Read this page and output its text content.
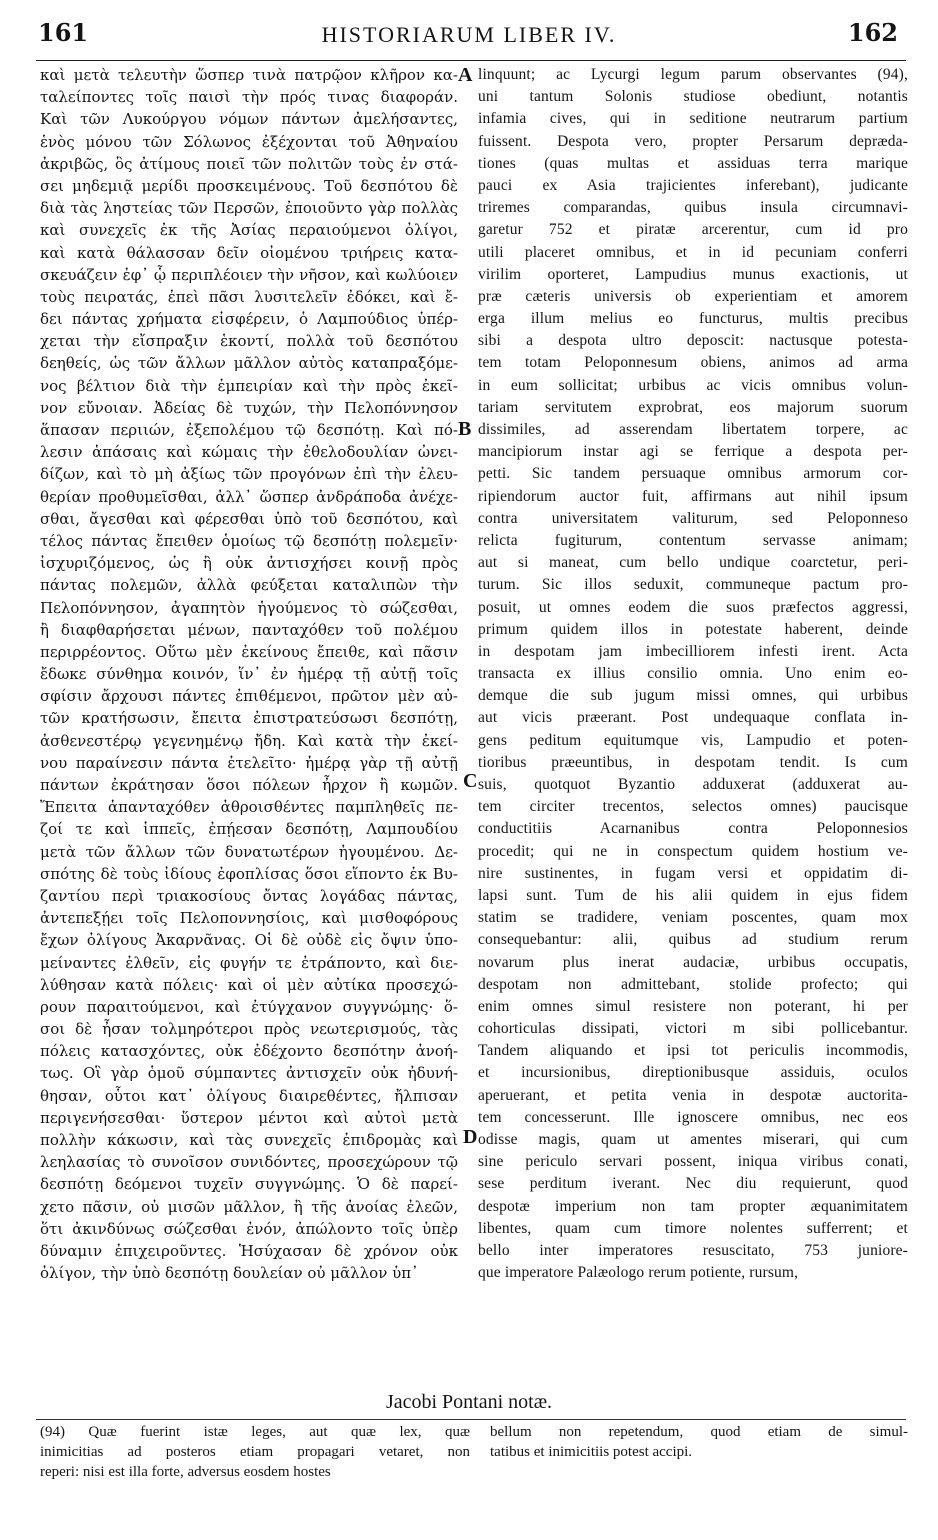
161	HISTORIARUM LIBER IV.	162
καὶ μετὰ τελευτὴν ὥσπερ τινὰ πατρῷον κλῆρον κα-
ταλείποντες τοῖς παισὶ τὴν πρός τινας διαφοράν.
Καὶ τῶν Λυκούργου νόμων πάντων ἀμελήσαντες,
ἑνὸς μόνου τῶν Σόλωνος ἐξέχονται τοῦ Ἀθηναίου
ἀκριβῶς, ὃς ἀτίμους ποιεῖ τῶν πολιτῶν τοὺς ἐν στά-
σει μηδεμιᾷ μερίδι προσκειμένους. Τοῦ δεσπότου δὲ
διὰ τὰς ληστείας τῶν Περσῶν, ἐποιοῦντο γὰρ πολλὰς
καὶ συνεχεῖς ἐκ τῆς Ἀσίας περαιούμενοι ὀλίγοι,
καὶ κατὰ θάλασσαν δεῖν οἰομένου τριήρεις κατα-
σκευάζειν ἐφ᾽ ᾧ περιπλέοιεν τὴν νῆσον, καὶ κωλύοιεν
τοὺς πειρατάς, ἐπεὶ πᾶσι λυσιτελεῖν ἐδόκει, καὶ ἔ-
δει πάντας χρήματα εἰσφέρειν, ὁ Λαμπούδιος ὑπέρ-
χεται τὴν εἴσπραξιν ἑκοντί, πολλὰ τοῦ δεσπότου
δεηθείς, ὡς τῶν ἄλλων μᾶλλον αὐτὸς καταπραξόμε-
νος βέλτιον διὰ τὴν ἐμπειρίαν καὶ τὴν πρὸς ἐκεῖ-
νον εὔνοιαν. Ἀδείας δὲ τυχών, τὴν Πελοπόννησον
ἅπασαν περιιών, ἐξεπολέμου τῷ δεσπότῃ. Καὶ πό-
λεσιν ἁπάσαις καὶ κώμαις τὴν ἐθελοδουλίαν ὠνει-
δίζων, καὶ τὸ μὴ ἀξίως τῶν προγόνων ἐπὶ τὴν ἐλευ-
θερίαν προθυμεῖσθαι, ἀλλ᾽ ὥσπερ ἀνδράποδα ἀνέχε-
σθαι, ἄγεσθαι καὶ φέρεσθαι ὑπὸ τοῦ δεσπότου, καὶ
τέλος πάντας ἔπειθεν ὁμοίως τῷ δεσπότῃ πολεμεῖν·
ἰσχυριζόμενος, ὡς ἢ οὐκ ἀντισχήσει κοινῇ πρὸς
πάντας πολεμῶν, ἀλλὰ φεύξεται καταλιπὼν τὴν
Πελοπόννησον, ἀγαπητὸν ἡγούμενος τὸ σώζεσθαι,
ἢ διαφθαρήσεται μένων, πανταχόθεν τοῦ πολέμου
περιρρέοντος. Οὕτω μὲν ἐκείνους ἔπειθε, καὶ πᾶσιν
ἔδωκε σύνθημα κοινόν, ἵν᾽ ἐν ἡμέρᾳ τῇ αὐτῇ τοῖς
σφίσιν ἄρχουσι πάντες ἐπιθέμενοι, πρῶτον μὲν αὐ-
τῶν κρατήσωσιν, ἔπειτα ἐπιστρατεύσωσι δεσπότῃ,
ἀσθενεστέρῳ γεγενημένῳ ἤδη. Καὶ κατὰ τὴν ἐκεί-
νου παραίνεσιν πάντα ἐτελεῖτο· ἡμέρᾳ γὰρ τῇ αὐτῇ
πάντων ἐκράτησαν ὅσοι πόλεων ἦρχον ἢ κωμῶν.
Ἔπειτα ἁπανταχόθεν ἀθροισθέντες παμπληθεῖς πε-
ζοί τε καὶ ἱππεῖς, ἐπῄεσαν δεσπότῃ, Λαμπουδίου
μετὰ τῶν ἄλλων τῶν δυνατωτέρων ἡγουμένου. Δε-
σπότης δὲ τοὺς ἰδίους ἐφοπλίσας ὅσοι εἵποντο ἐκ Βυ-
ζαντίου περὶ τριακοσίους ὄντας λογάδας πάντας,
ἀντεπεξῄει τοῖς Πελοποννησίοις, καὶ μισθοφόρους
ἔχων ὀλίγους Ἀκαρνᾶνας. Οἱ δὲ οὐδὲ εἰς ὄψιν ὑπο-
μείναντες ἐλθεῖν, εἰς φυγήν τε ἐτράποντο, καὶ διε-
λύθησαν κατὰ πόλεις· καὶ οἱ μὲν αὐτίκα προσεχώ-
ρουν παραιτούμενοι, καὶ ἐτύγχανον συγγνώμης· ὅ-
σοι δὲ ἦσαν τολμηρότεροι πρὸς νεωτερισμούς, τὰς
πόλεις κατασχόντες, οὐκ ἐδέχοντο δεσπότην ἀνοή-
τως. Οἳ γὰρ ὁμοῦ σύμπαντες ἀντισχεῖν οὐκ ἠδυνή-
θησαν, οὗτοι κατ᾽ ὀλίγους διαιρεθέντες, ἤλπισαν
περιγενήσεσθαι· ὕστερον μέντοι καὶ αὐτοὶ μετὰ
πολλὴν κάκωσιν, καὶ τὰς συνεχεῖς ἐπιδρομὰς καὶ
λεηλασίας τὸ συνοῖσον συνιδόντες, προσεχώρουν τῷ
δεσπότῃ δεόμενοι τυχεῖν συγγνώμης. Ὁ δὲ παρεί-
χετο πᾶσιν, οὐ μισῶν μᾶλλον, ἢ τῆς ἀνοίας ἐλεῶν,
ὅτι ἀκινδύνως σώζεσθαι ἐνόν, ἀπώλοντο τοῖς ὑπὲρ
δύναμιν ἐπιχειροῦντες. Ἡσύχασαν δὲ χρόνον οὐκ
ὀλίγον, τὴν ὑπὸ δεσπότῃ δουλείαν οὐ μᾶλλον ὑπ᾽
linquunt; ac Lycurgi legum parum observantes (94),
uni tantum Solonis studiose obediunt, notantis
infamia cives, qui in seditione neutrarum partium
fuissent. Despota vero, propter Persarum depræda-
tiones (quas multas et assiduas terra marique
pauci ex Asia trajicientes inferebant), judicante
triremes comparandas, quibus insula circumnavi-
garetur 752 et piratæ arcerentur, cum id pro
utili placeret omnibus, et in id pecuniam conferri
virilim oporteret, Lampudius munus exactionis, ut
præ cæteris universis ob experientiam et amorem
erga illum melius eo functurus, multis precibus
sibi a despota ultro deposcit: nactusque potesta-
tem totam Peloponnesum obiens, animos ad arma
in eum sollicitat; urbibus ac vicis omnibus volun-
tariam servitutem exprobrat, eos majorum suorum
dissimiles, ad asserendam libertatem torpere, ac
mancipiorum instar agi se ferrique a despota per-
petti. Sic tandem persuaque omnibus armorum cor-
ripiendorum auctor fuit, affirmans aut nihil ipsum
contra universitatem valiturum, sed Peloponneso
relicta fugiturum, contentum servasse animam;
aut si maneat, cum bello undique coarctetur, peri-
turum. Sic illos seduxit, communeque pactum pro-
posuit, ut omnes eodem die suos præfectos aggressi,
primum quidem illos in potestate haberent, deinde
in despotam jam imbecilliorem infesti irent. Acta
transacta ex illius consilio omnia. Uno enim eo-
demque die sub jugum missi omnes, qui urbibus
aut vicis præerant. Post undequaque conflata in-
gens peditum equitumque vis, Lampudio et poten-
tioribus præeuntibus, in despotam tendit. Is cum
suis, quotquot Byzantio adduxerat (adduxerat au-
tem circiter trecentos, selectos omnes) paucisque
conductitiis Acarnanibus contra Peloponnesios
procedit; qui ne in conspectum quidem hostium ve-
nire sustinentes, in fugam versi et oppidatim di-
lapsi sunt. Tum de his alii quidem in ejus fidem
statim se tradidere, veniam poscentes, quam mox
consequebantur: alii, quibus ad studium rerum
novarum plus inerat audaciæ, urbibus occupatis,
despotam non admittebant, stolide profecto; qui
enim omnes simul resistere non poterant, hi per
cohorticulas dissipati, victori m sibi pollicebantur.
Tandem aliquando et ipsi tot periculis incommodis,
et incursionibus, direptionibusque assiduis, oculos
aperuerant, et petita venia in despotæ auctorita-
tem concesserunt. Ille ignoscere omnibus, nec eos
odisse magis, quam ut amentes miserari, qui cum
sine periculo servari possent, iniqua viribus conati,
sese perditum iverant. Nec diu requierunt, quod
despotæ imperium non tam propter æquanimitatem
libentes, quam cum timore nolentes sufferrent; et
bello inter imperatores resuscitato, 753 juniore-
que imperatore Palæologo rerum potiente, rursum,
A
B
C
D
Jacobi Pontani notæ.
(94) Quæ fuerint istæ leges, aut quæ lex, quæ
inimicitias ad posteros etiam propagari vetaret, non
reperi: nisi est illa forte, adversus eosdem hostes
bellum non repetendum, quod etiam de simul-
tatibus et inimicitiis potest accipi.
